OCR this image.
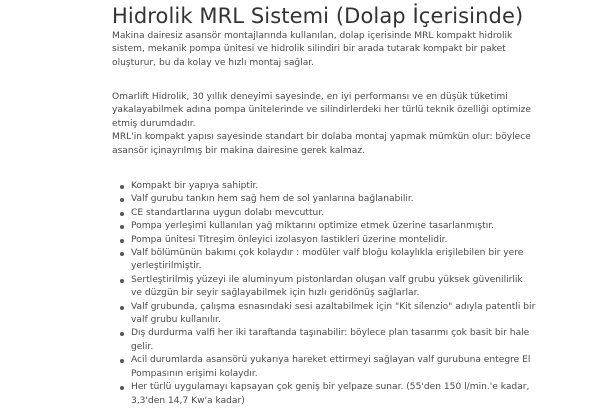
Hidrolik MRL Sistemi (Dolap İçerisinde)

Makina dairesiz asansör montajlarında kullanılan, dolap içerisinde MRL kompakt hidrolik
sistem, mekanik pompa ünitesi ve hidrolik silindiri bir arada tutarak kompakt bir paket
oluşturur, bu da kolay ve hızlı montaj sağlar.

Omarlift Hidrolik, 30 yıllık deneyimi sayesinde, en iyi performansı ve en düşük tüketimi
yakalayabilmek adına pompa ünitelerinde ve silindirlerdeki her türlü teknik özelliği optimize
etmiş durumdadır.
MRL'in kompakt yapısı sayesinde standart bir dolaba montaj yapmak mümkün olur: böylece
asansör içinayrılmış bir makina dairesine gerek kalmaz.

Kompakt bir yapıya sahiptir.
Valf gurubu tankın hem sağ hem de sol yanlarına bağlanabilir.
CE standartlarına uygun dolabı mevcuttur.
Pompa yerleşimi kullanılan yağ miktarını optimize etmek üzerine tasarlanmıştır.
Pompa ünitesi Titreşim önleyici izolasyon lastikleri üzerine montelidir.
Valf bölümünün bakımı çok kolaydır : modüler valf bloğu kolaylıkla erişilebilen bir yere
yerleştirilmiştir.
Sertleştirilmiş yüzeyi ile aluminyum pistonlardan oluşan valf grubu yüksek güvenilirlik
ve düzgün bir seyir sağlayabilmek için hızlı geridönüş sağlarlar.
Valf grubunda, çalışma esnasındaki sesi azaltabilmek için "Kit silenzio" adıyla patentli bir
valf grubu kullanılır.
Dış durdurma valfi her iki taraftanda taşınabilir: böylece plan tasarımı çok basit bir hale
gelir.
Acil durumlarda asansörü yukarıya hareket ettirmeyi sağlayan valf gurubuna entegre El
Pompasının erişimi kolaydır.
Her türlü uygulamayı kapsayan çok geniş bir yelpaze sunar. (55'den 150 l/min.'e kadar,
3,3'den 14,7 Kw'a kadar)
